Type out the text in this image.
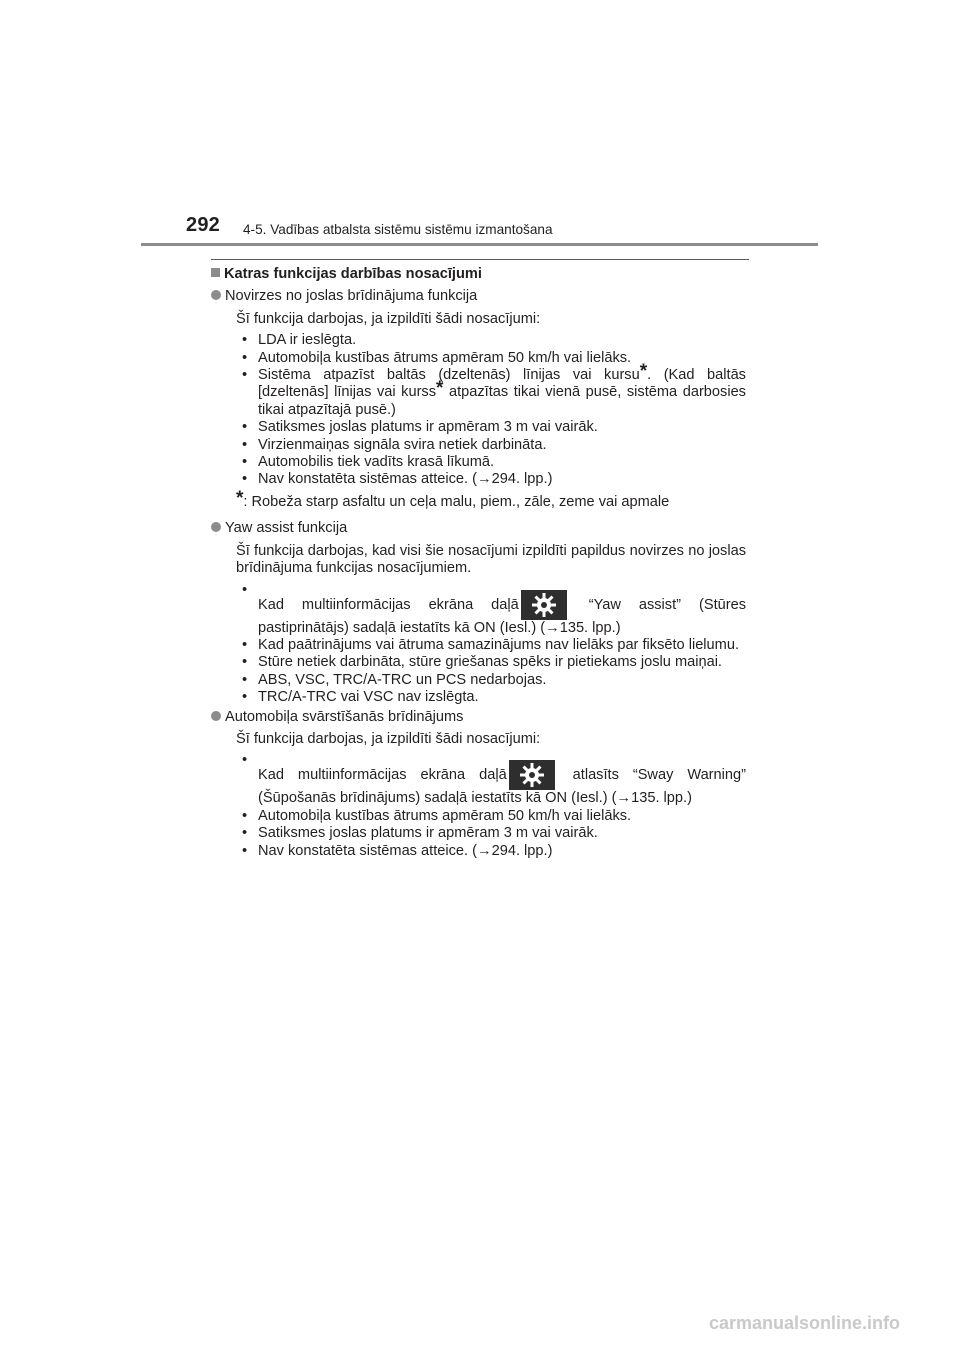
292 4-5. Vadības atbalsta sistēmu sistēmu izmantošana

Katras funkcijas darbības nosacījumi

Novirzes no joslas brīdinājuma funkcija
Šī funkcija darbojas, ja izpildīti šādi nosacījumi:
• LDA ir ieslēgta.
• Automobiļa kustības ātrums apmēram 50 km/h vai lielāks.
• Sistēma atpazīst baltās (dzeltenās) līnijas vai kursu*. (Kad baltās [dzeltenās] līnijas vai kurss* atpazītas tikai vienā pusē, sistēma darbosies tikai atpazītajā pusē.)
• Satiksmes joslas platums ir apmēram 3 m vai vairāk.
• Virzienmaiņas signāla svira netiek darbināta.
• Automobilis tiek vadīts krasā līkumā.
• Nav konstatēta sistēmas atteice. (→294. lpp.)
*: Robeža starp asfaltu un ceļa malu, piem., zāle, zeme vai apmale
Yaw assist funkcija
Šī funkcija darbojas, kad visi šie nosacījumi izpildīti papildus novirzes no joslas brīdinājuma funkcijas nosacījumiem.
• Kad multiinformācijas ekrāna daļā	“Yaw assist” (Stūres pastiprinātājs) sadaļā iestatīts kā ON (Iesl.) (→135. lpp.)
• Kad paātrinājums vai ātruma samazinājums nav lielāks par fiksēto lielumu.
• Stūre netiek darbināta, stūre griešanas spēks ir pietiekams joslu maiņai.
• ABS, VSC, TRC/A-TRC un PCS nedarbojas.
• TRC/A-TRC vai VSC nav izslēgta.
Automobiļa svārstīšanās brīdinājums
Šī funkcija darbojas, ja izpildīti šādi nosacījumi:
• Kad multiinformācijas ekrāna daļā	atlasīts “Sway Warning” (Šūpošanās brīdinājums) sadaļā iestatīts kā ON (Iesl.) (→135. lpp.)
• Automobiļa kustības ātrums apmēram 50 km/h vai lielāks.
• Satiksmes joslas platums ir apmēram 3 m vai vairāk.
• Nav konstatēta sistēmas atteice. (→294. lpp.)
carmanualsonline.info
